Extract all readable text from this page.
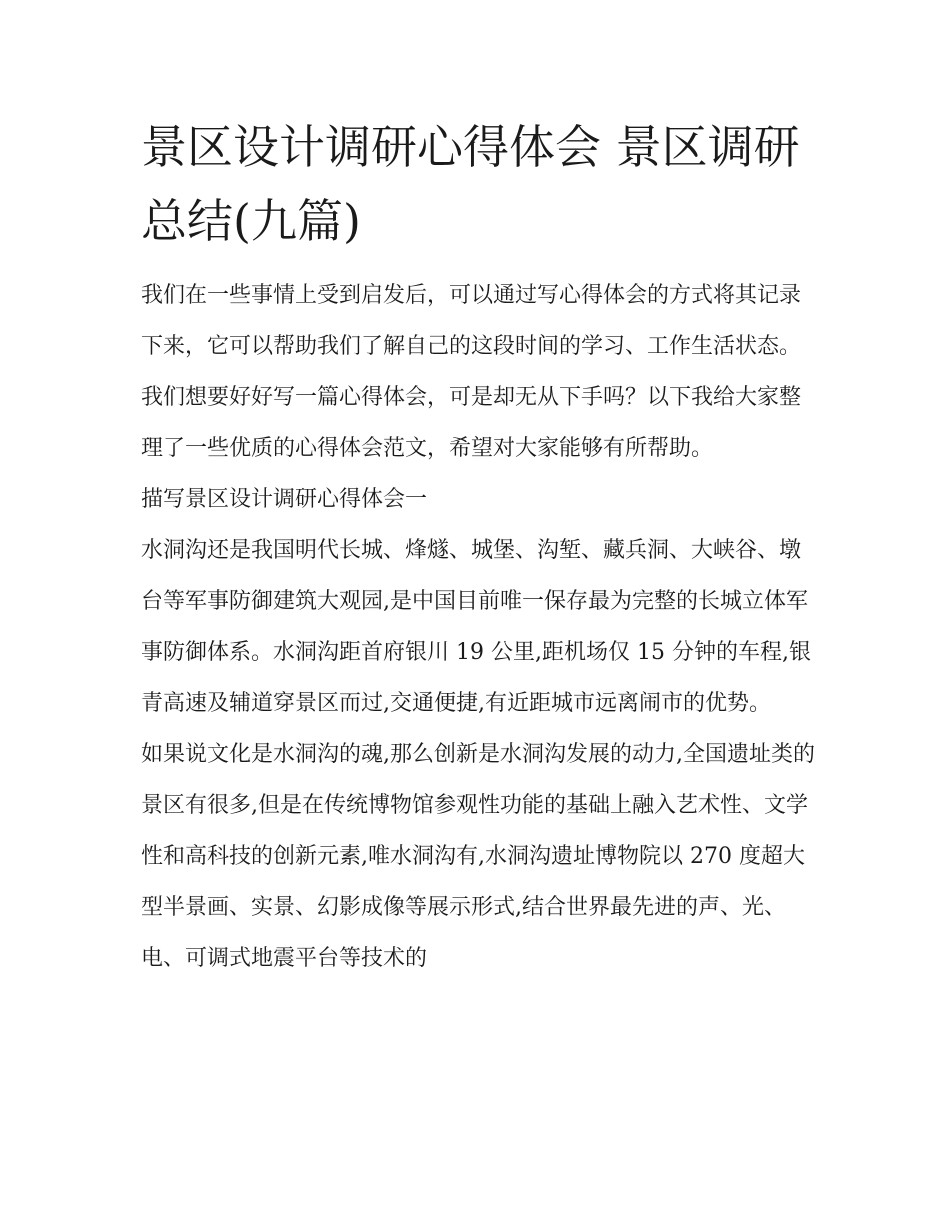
景区设计调研心得体会 景区调研总结(九篇)

我们在一些事情上受到启发后，可以通过写心得体会的方式将其记录下来，它可以帮助我们了解自己的这段时间的学习、工作生活状态。我们想要好好写一篇心得体会，可是却无从下手吗？以下我给大家整理了一些优质的心得体会范文，希望对大家能够有所帮助。

描写景区设计调研心得体会一

水洞沟还是我国明代长城、烽燧、城堡、沟堑、藏兵洞、大峡谷、墩台等军事防御建筑大观园,是中国目前唯一保存最为完整的长城立体军事防御体系。水洞沟距首府银川 19 公里,距机场仅 15 分钟的车程,银青高速及辅道穿景区而过,交通便捷,有近距城市远离闹市的优势。

如果说文化是水洞沟的魂,那么创新是水洞沟发展的动力,全国遗址类的景区有很多,但是在传统博物馆参观性功能的基础上融入艺术性、文学性和高科技的创新元素,唯水洞沟有,水洞沟遗址博物院以 270 度超大型半景画、实景、幻影成像等展示形式,结合世界最先进的声、光、电、可调式地震平台等技术的
